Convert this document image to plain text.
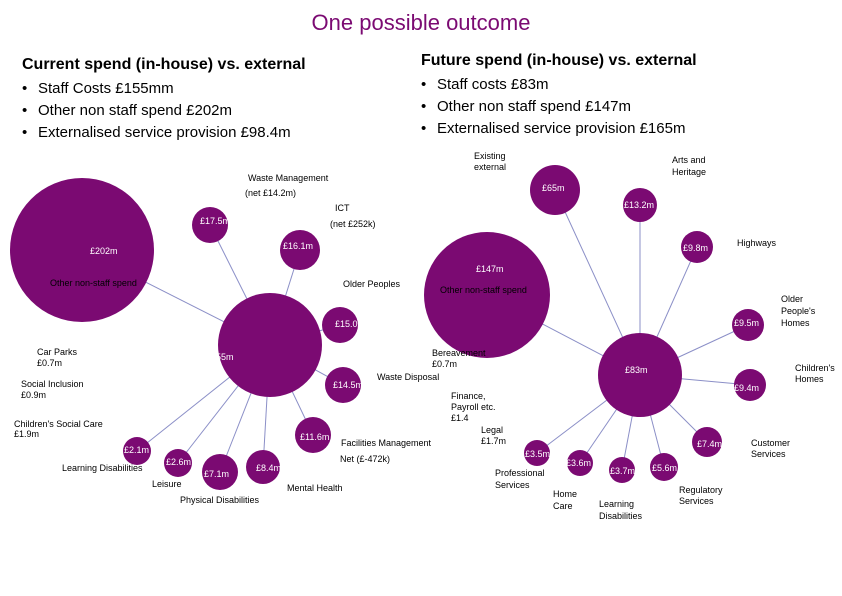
One possible outcome
Current spend (in-house) vs. external
• Staff Costs £155mm
• Other non staff spend £202m
• Externalised service provision £98.4m
Future spend (in-house) vs. external
• Staff costs £83m
• Other non staff spend £147m
• Externalised service provision £165m
£202m
£17.5m
£16.1m
£15.0m
£155m
£14.5m
£11.6m
£2.1m
£2.6m
£7.1m
£8.4m
Waste Management
(net £14.2m)
ICT
(net £252k)
Other non-staff spend	Older Peoples
Car Parks
£0.7m
Social Inclusion
£0.9m
Children's Social Care
£1.9m
Learning Disabilities
Leisure
Physical Disabilities
Mental Health
Waste Disposal
Facilities Management
Net (£-472k)
Bereavement
£0.7m
£65m
£13.2m
£9.8m
£147m
£9.5m
£83m
£9.4m
£7.4m
£3.5m
£3.6m
£3.7m £5.6m
Existing
external
Arts and
Heritage
Highways
Other non-staff spend
Older
People's
Homes
Children's
Homes
Finance,
Payroll etc.
£1.4
Legal
£1.7m	Customer
Services
Professional
Services
Home
Care	Learning
Disabilities
Regulatory
Services
